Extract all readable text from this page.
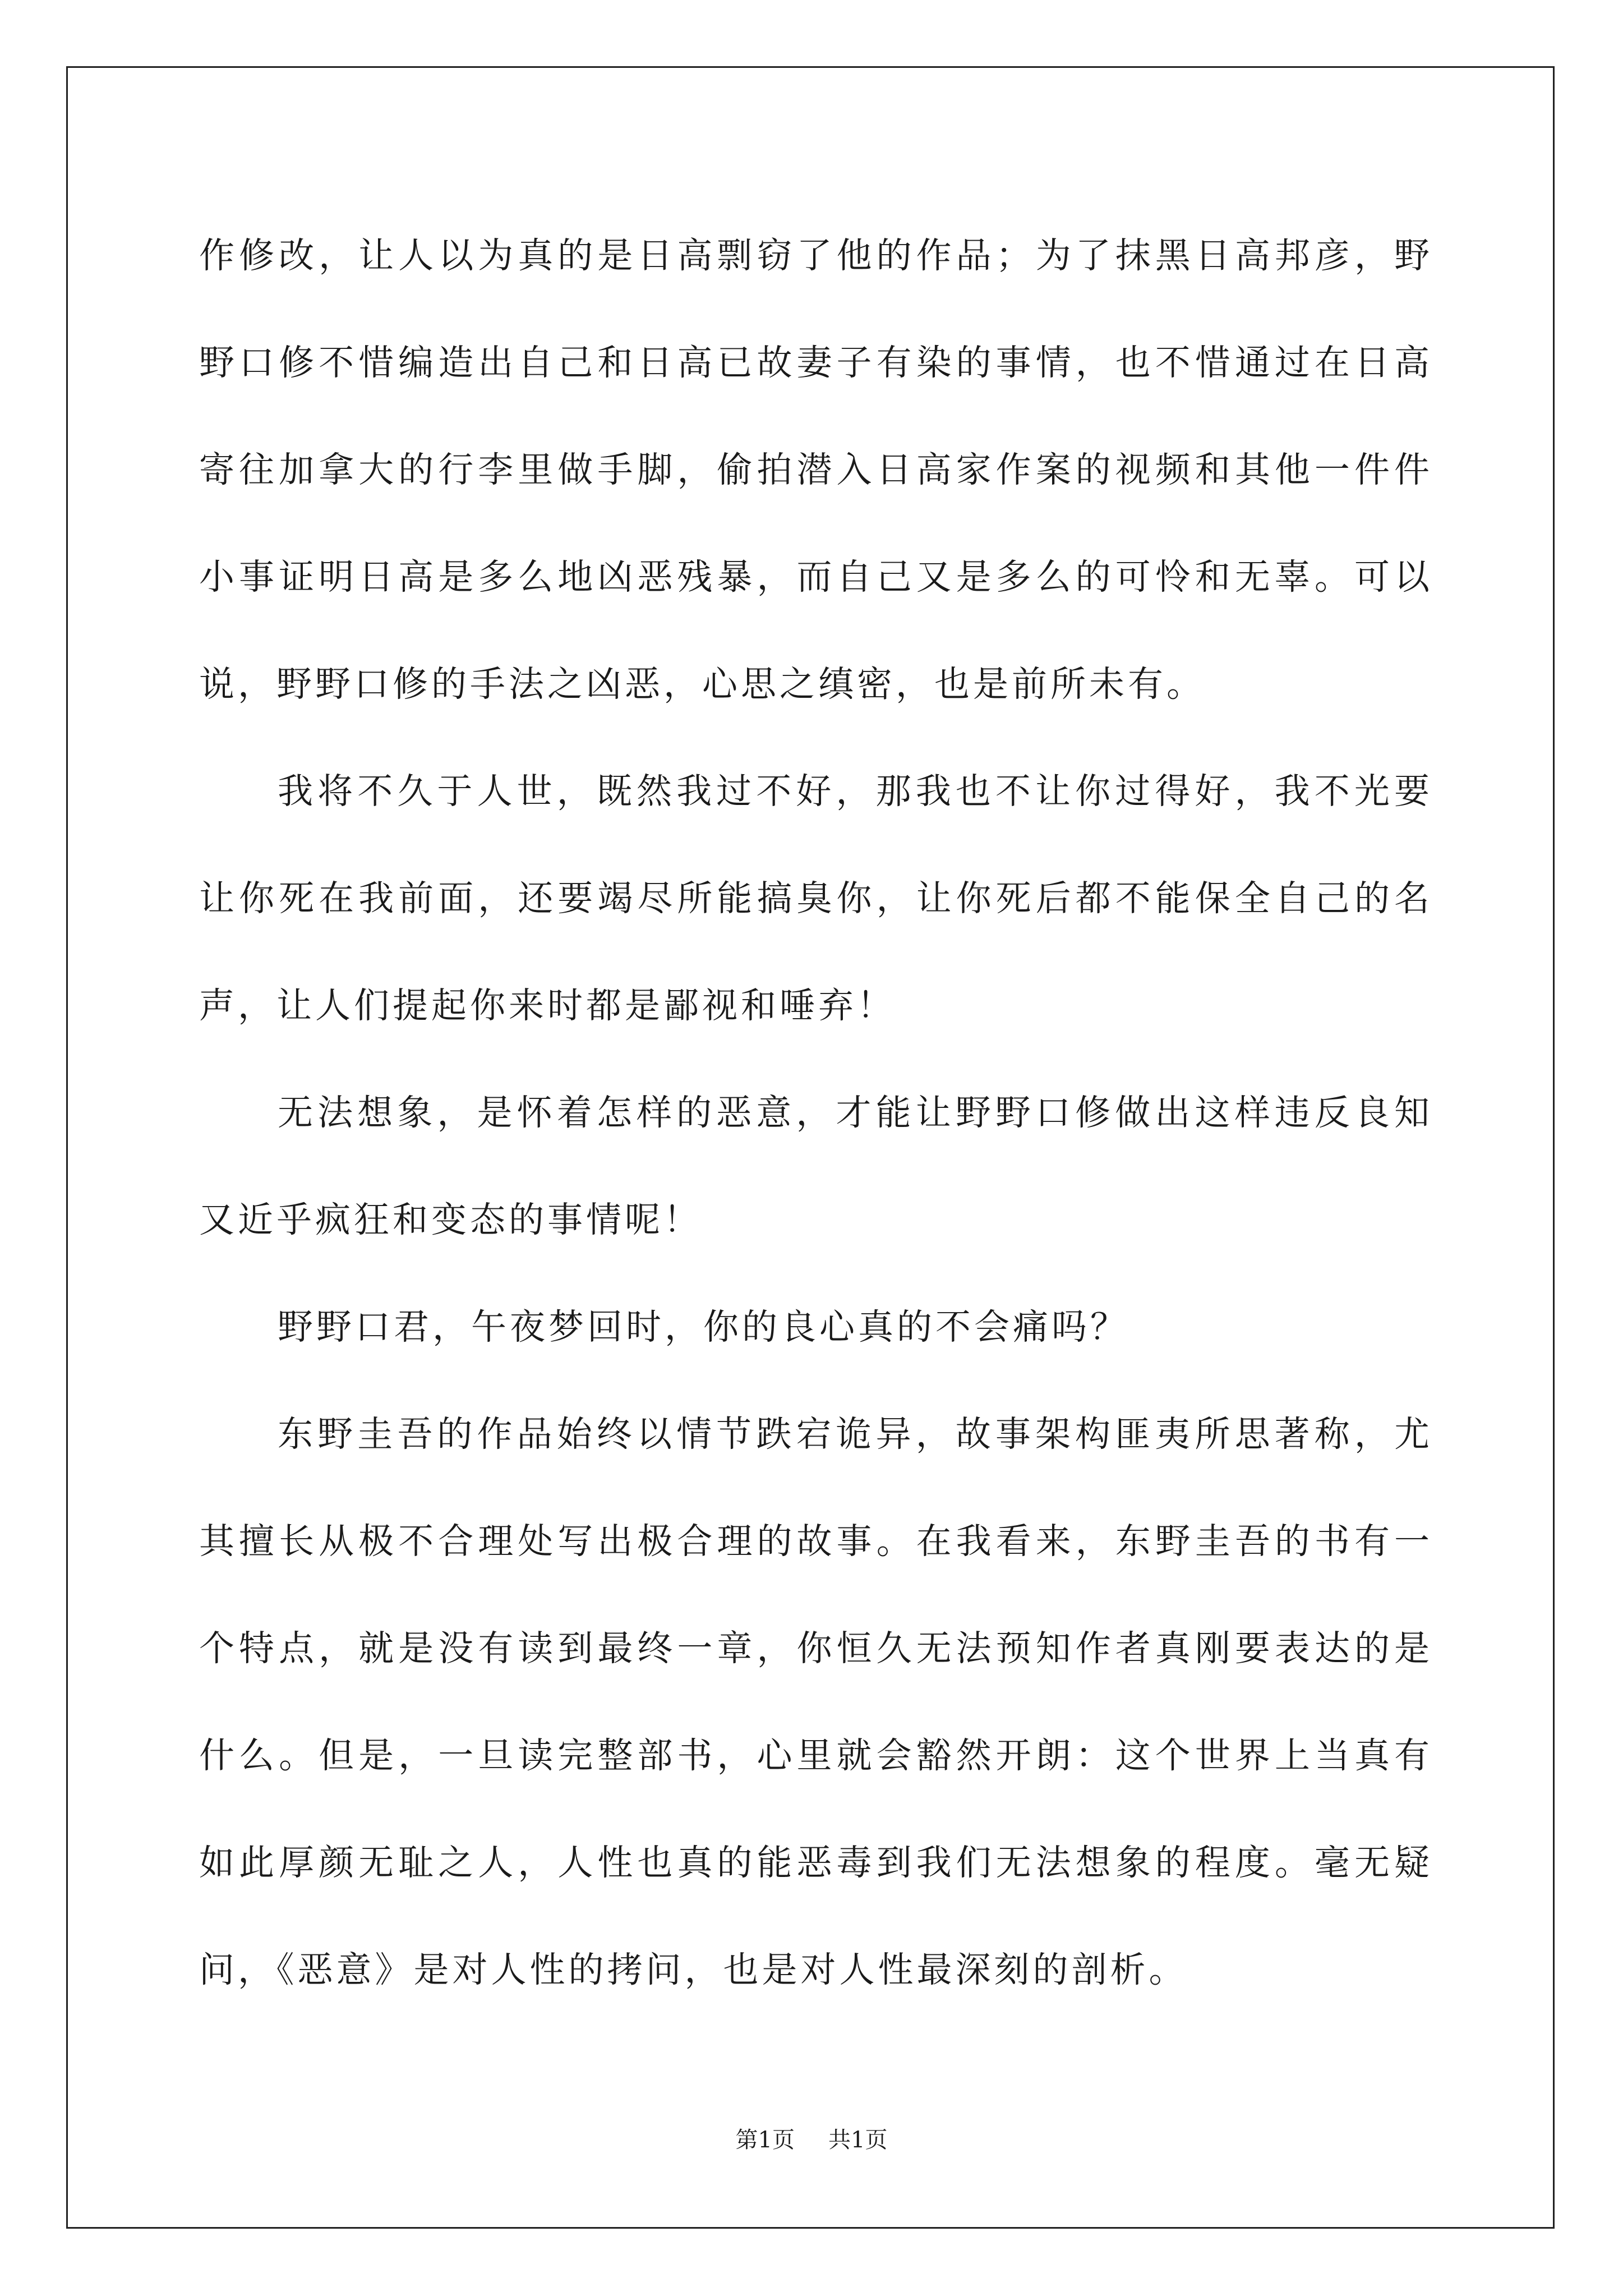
作修改，让人以为真的是日高剽窃了他的作品；为了抹黑日高邦彦，野野口修不惜编造出自己和日高已故妻子有染的事情，也不惜通过在日高寄往加拿大的行李里做手脚，偷拍潜入日高家作案的视频和其他一件件小事证明日高是多么地凶恶残暴，而自己又是多么的可怜和无辜。可以说，野野口修的手法之凶恶，心思之缜密，也是前所未有。

我将不久于人世，既然我过不好，那我也不让你过得好，我不光要让你死在我前面，还要竭尽所能搞臭你，让你死后都不能保全自己的名声，让人们提起你来时都是鄙视和唾弃！

无法想象，是怀着怎样的恶意，才能让野野口修做出这样违反良知又近乎疯狂和变态的事情呢！

野野口君，午夜梦回时，你的良心真的不会痛吗？

东野圭吾的作品始终以情节跌宕诡异，故事架构匪夷所思著称，尤其擅长从极不合理处写出极合理的故事。在我看来，东野圭吾的书有一个特点，就是没有读到最终一章，你恒久无法预知作者真刚要表达的是什么。但是，一旦读完整部书，心里就会豁然开朗：这个世界上当真有如此厚颜无耻之人，人性也真的能恶毒到我们无法想象的程度。毫无疑问，《恶意》是对人性的拷问，也是对人性最深刻的剖析。

第1页 共1页
